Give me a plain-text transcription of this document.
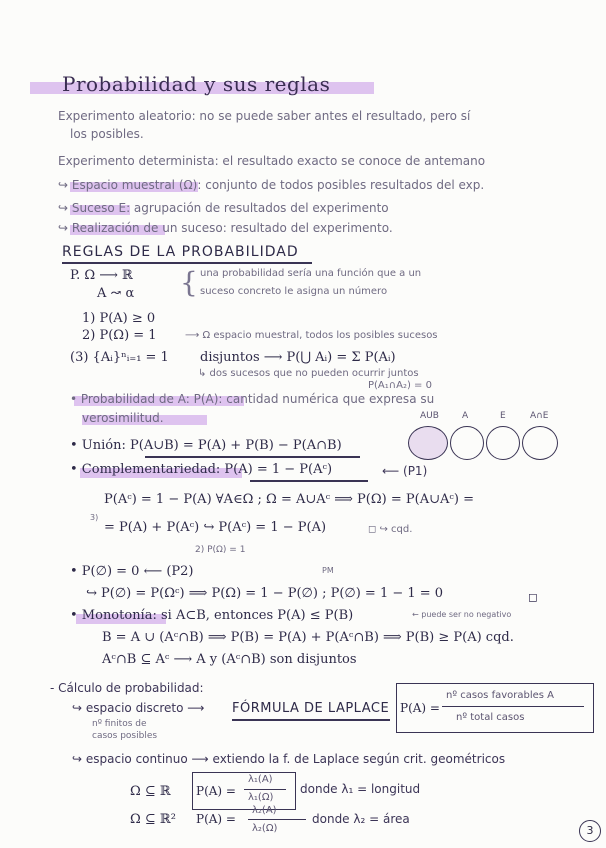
Probabilidad y sus reglas
Experimento aleatorio: no se puede saber antes el resultado, pero sí
los posibles.
Experimento determinista: el resultado exacto se conoce de antemano
↪ Espacio muestral (Ω): conjunto de todos posibles resultados del exp.
↪ Suceso E: agrupación de resultados del experimento
↪ Realización de un suceso: resultado del experimento.
REGLAS DE LA PROBABILIDAD
P. Ω ⟶ ℝ
A ↝ α { una probabilidad sería una función que a un
suceso concreto le asigna un número
1) P(A) ≥ 0
2) P(Ω) = 1	⟶ Ω espacio muestral, todos los posibles sucesos
(3) {Aᵢ}ⁿᵢ₌₁ = 1 disjuntos ⟶ P(⋃ Aᵢ) = Σ P(Aᵢ)
↳ dos sucesos que no pueden ocurrir juntos
P(A₁∩A₂) = 0
• Probabilidad de A: P(A): cantidad numérica que expresa su
verosimilitud.	AUB	A	E	A∩E
• Unión: P(A∪B) = P(A) + P(B) − P(A∩B)
• Complementariedad: P(A) = 1 − P(Aᶜ)	⟵ (P1)
P(Aᶜ) = 1 − P(A) ∀A∈Ω ; Ω = A∪Aᶜ ⟹ P(Ω) = P(A∪Aᶜ) =
3)
= P(A) + P(Aᶜ) ↪ P(Aᶜ) = 1 − P(A)	◻ ↪ cqd.
2) P(Ω) = 1
• P(∅) = 0 ⟵ (P2)	PM
↪ P(∅) = P(Ωᶜ) ⟹ P(Ω) = 1 − P(∅) ; P(∅) = 1 − 1 = 0	◻
• Monotonía: si A⊂B, entonces P(A) ≤ P(B)	← puede ser no negativo
B = A ∪ (Aᶜ∩B) ⟹ P(B) = P(A) + P(Aᶜ∩B) ⟹ P(B) ≥ P(A) cqd.
Aᶜ∩B ⊆ Aᶜ ⟶ A y (Aᶜ∩B) son disjuntos
- Cálculo de probabilidad:
↪ espacio discreto ⟶
nº finitos de
casos posibles
FÓRMULA DE LAPLACE P(A) =
nº casos favorables A
nº total casos
↪ espacio continuo ⟶ extiendo la f. de Laplace según crit. geométricos
Ω ⊆ ℝ P(A) =
λ₁(A)
λ₁(Ω)
donde λ₁ = longitud
Ω ⊆ ℝ² P(A) =
λ₂(A)
λ₂(Ω)
donde λ₂ = área
3
